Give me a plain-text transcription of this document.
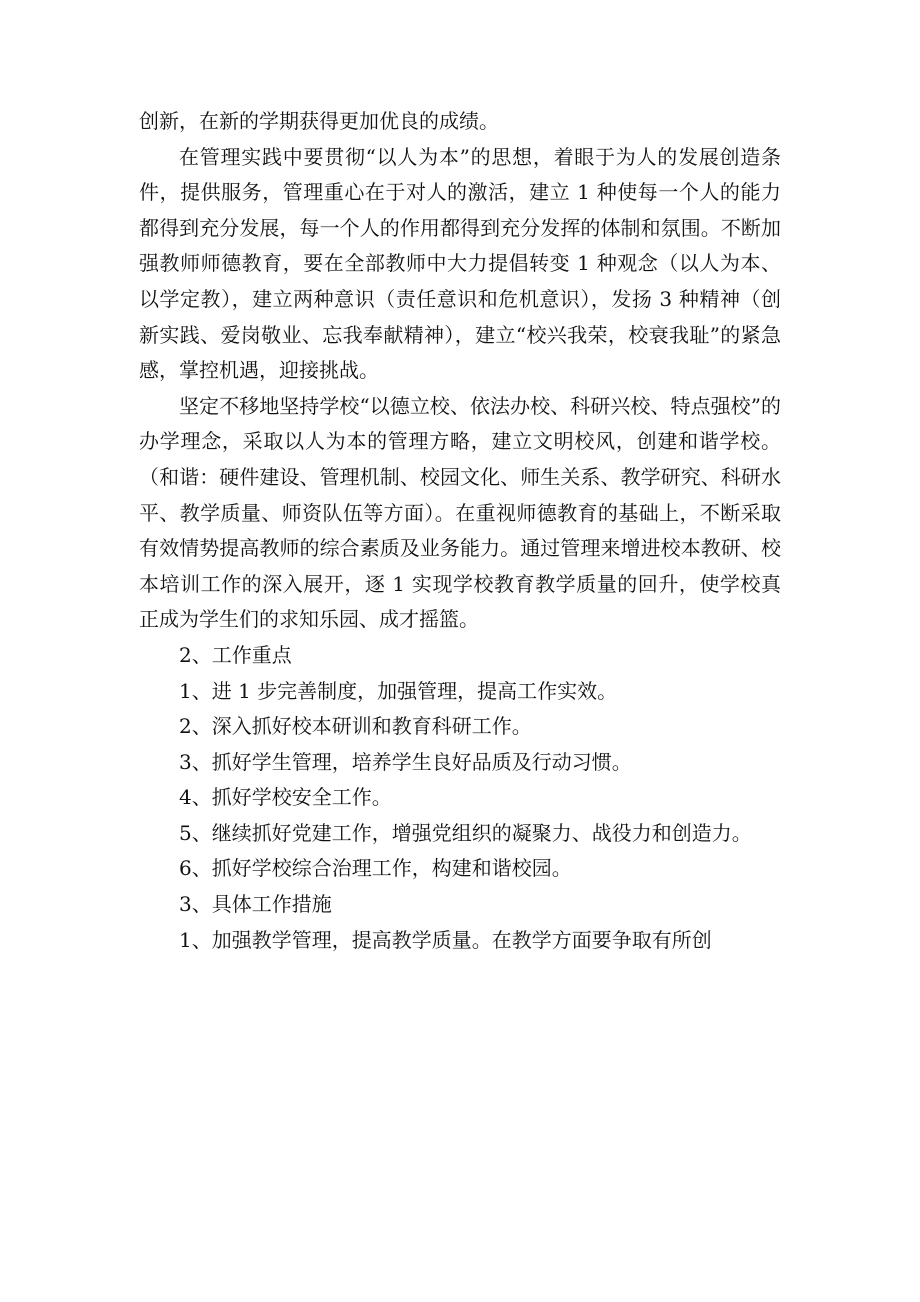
创新，在新的学期获得更加优良的成绩。

在管理实践中要贯彻“以人为本”的思想，着眼于为人的发展创造条件，提供服务，管理重心在于对人的激活，建立 1 种使每一个人的能力都得到充分发展，每一个人的作用都得到充分发挥的体制和氛围。不断加强教师师德教育，要在全部教师中大力提倡转变 1 种观念（以人为本、以学定教），建立两种意识（责任意识和危机意识），发扬 3 种精神（创新实践、爱岗敬业、忘我奉献精神），建立“校兴我荣，校衰我耻”的紧急感，掌控机遇，迎接挑战。

坚定不移地坚持学校“以德立校、依法办校、科研兴校、特点强校”的办学理念，采取以人为本的管理方略，建立文明校风，创建和谐学校。（和谐：硬件建设、管理机制、校园文化、师生关系、教学研究、科研水平、教学质量、师资队伍等方面）。在重视师德教育的基础上，不断采取有效情势提高教师的综合素质及业务能力。通过管理来增进校本教研、校本培训工作的深入展开，逐 1 实现学校教育教学质量的回升，使学校真正成为学生们的求知乐园、成才摇篮。

2、工作重点

1、进 1 步完善制度，加强管理，提高工作实效。

2、深入抓好校本研训和教育科研工作。

3、抓好学生管理，培养学生良好品质及行动习惯。

4、抓好学校安全工作。

5、继续抓好党建工作，增强党组织的凝聚力、战役力和创造力。

6、抓好学校综合治理工作，构建和谐校园。

3、具体工作措施

1、加强教学管理，提高教学质量。在教学方面要争取有所创
